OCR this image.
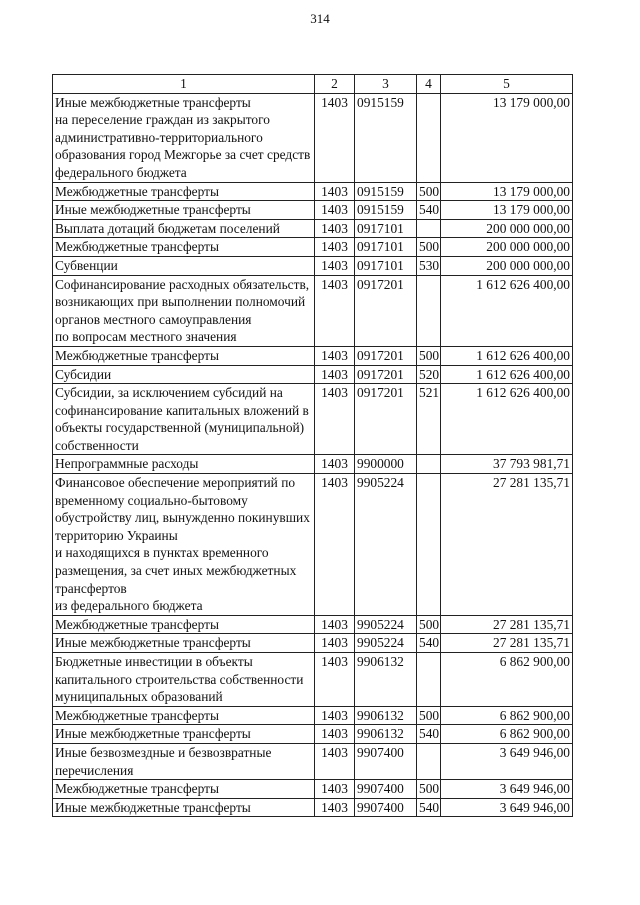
314
1	2	3	4	5
Иные межбюджетные трансферты
на переселение граждан из закрытого административно-территориального образования город Межгорье за счет средств федерального бюджета	1403	0915159		13 179 000,00
Межбюджетные трансферты	1403	0915159	500	13 179 000,00
Иные межбюджетные трансферты	1403	0915159	540	13 179 000,00
Выплата дотаций бюджетам поселений	1403	0917101		200 000 000,00
Межбюджетные трансферты	1403	0917101	500	200 000 000,00
Субвенции	1403	0917101	530	200 000 000,00
Софинансирование расходных обязательств, возникающих при выполнении полномочий органов местного самоуправления
по вопросам местного значения	1403	0917201		1 612 626 400,00
Межбюджетные трансферты	1403	0917201	500	1 612 626 400,00
Субсидии	1403	0917201	520	1 612 626 400,00
Субсидии, за исключением субсидий на софинансирование капитальных вложений в объекты государственной (муниципальной) собственности	1403	0917201	521	1 612 626 400,00
Непрограммные расходы	1403	9900000		37 793 981,71
Финансовое обеспечение мероприятий по временному социально-бытовому обустройству лиц, вынужденно покинувших территорию Украины
и находящихся в пунктах временного размещения, за счет иных межбюджетных трансфертов
из федерального бюджета	1403	9905224		27 281 135,71
Межбюджетные трансферты	1403	9905224	500	27 281 135,71
Иные межбюджетные трансферты	1403	9905224	540	27 281 135,71
Бюджетные инвестиции в объекты капитального строительства собственности муниципальных образований	1403	9906132		6 862 900,00
Межбюджетные трансферты	1403	9906132	500	6 862 900,00
Иные межбюджетные трансферты	1403	9906132	540	6 862 900,00
Иные безвозмездные и безвозвратные перечисления	1403	9907400		3 649 946,00
Межбюджетные трансферты	1403	9907400	500	3 649 946,00
Иные межбюджетные трансферты	1403	9907400	540	3 649 946,00
